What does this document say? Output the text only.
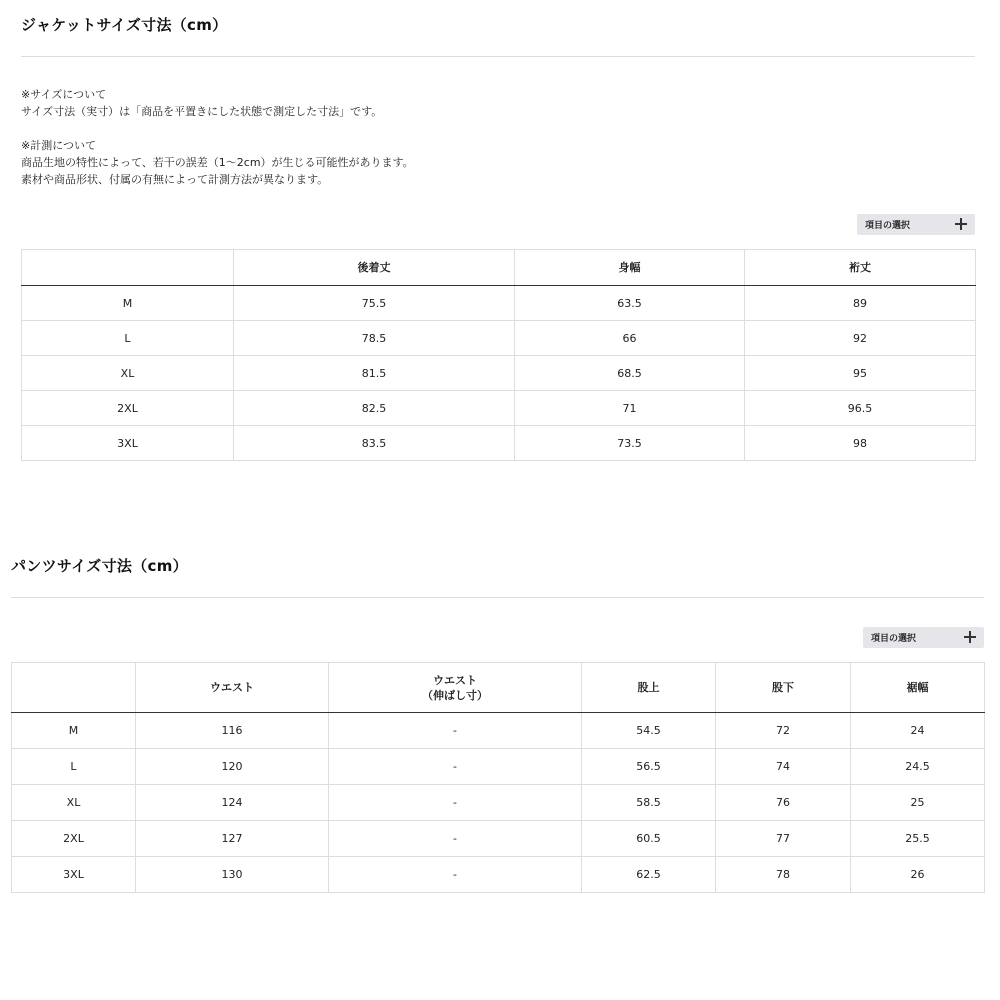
ジャケットサイズ寸法（cm）
※サイズについて
サイズ寸法（実寸）は「商品を平置きにした状態で測定した寸法」です。
※計測について
商品生地の特性によって、若干の誤差（1〜2cm）が生じる可能性があります。
素材や商品形状、付属の有無によって計測方法が異なります。
項目の選択
	後着丈	身幅	裄丈
M	75.5	63.5	89
L	78.5	66	92
XL	81.5	68.5	95
2XL	82.5	71	96.5
3XL	83.5	73.5	98
パンツサイズ寸法（cm）
項目の選択
	ウエスト	ウエスト
（伸ばし寸）	股上	股下	裾幅
M	116	-	54.5	72	24
L	120	-	56.5	74	24.5
XL	124	-	58.5	76	25
2XL	127	-	60.5	77	25.5
3XL	130	-	62.5	78	26
